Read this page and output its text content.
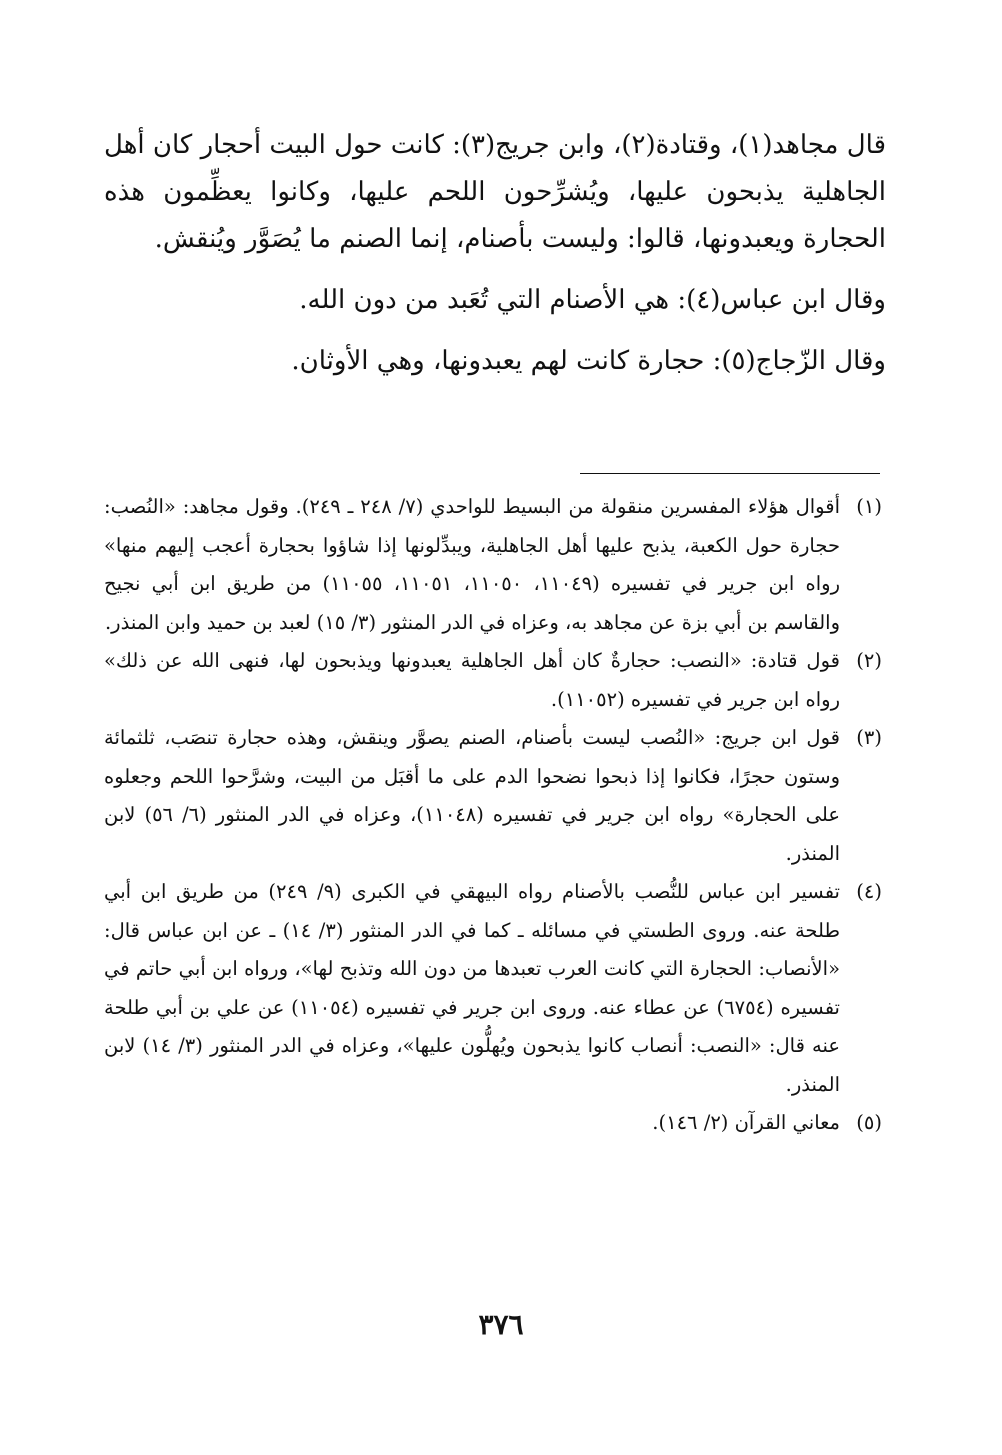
قال مجاهد(١)، وقتادة(٢)، وابن جريج(٣): كانت حول البيت أحجار كان أهل الجاهلية يذبحون عليها، ويُشرِّحون اللحم عليها، وكانوا يعظِّمون هذه الحجارة ويعبدونها، قالوا: وليست بأصنام، إنما الصنم ما يُصَوَّر ويُنقش.

وقال ابن عباس(٤): هي الأصنام التي تُعَبد من دون الله.

وقال الزّجاج(٥): حجارة كانت لهم يعبدونها، وهي الأوثان.

(١)
أقوال هؤلاء المفسرين منقولة من البسيط للواحدي (٧/ ٢٤٨ ـ ٢٤٩). وقول مجاهد: «النُصب: حجارة حول الكعبة، يذبح عليها أهل الجاهلية، ويبدِّلونها إذا شاؤوا بحجارة أعجب إليهم منها» رواه ابن جرير في تفسيره (١١٠٤٩، ١١٠٥٠، ١١٠٥١، ١١٠٥٥) من طريق ابن أبي نجيح والقاسم بن أبي بزة عن مجاهد به، وعزاه في الدر المنثور (٣/ ١٥) لعبد بن حميد وابن المنذر.
(٢)
قول قتادة: «النصب: حجارةٌ كان أهل الجاهلية يعبدونها ويذبحون لها، فنهى الله عن ذلك» رواه ابن جرير في تفسيره (١١٠٥٢).
(٣)
قول ابن جريج: «النُصب ليست بأصنام، الصنم يصوَّر وينقش، وهذه حجارة تنصَب، ثلثمائة وستون حجرًا، فكانوا إذا ذبحوا نضحوا الدم على ما أقبَل من البيت، وشرَّحوا اللحم وجعلوه على الحجارة» رواه ابن جرير في تفسيره (١١٠٤٨)، وعزاه في الدر المنثور (٦/ ٥٦) لابن المنذر.
(٤)
تفسير ابن عباس للنُّصب بالأصنام رواه البيهقي في الكبرى (٩/ ٢٤٩) من طريق ابن أبي طلحة عنه. وروى الطستي في مسائله ـ كما في الدر المنثور (٣/ ١٤) ـ عن ابن عباس قال: «الأنصاب: الحجارة التي كانت العرب تعبدها من دون الله وتذبح لها»، ورواه ابن أبي حاتم في تفسيره (٦٧٥٤) عن عطاء عنه. وروى ابن جرير في تفسيره (١١٠٥٤) عن علي بن أبي طلحة عنه قال: «النصب: أنصاب كانوا يذبحون ويُهلُّون عليها»، وعزاه في الدر المنثور (٣/ ١٤) لابن المنذر.
(٥)
معاني القرآن (٢/ ١٤٦).
٣٧٦
